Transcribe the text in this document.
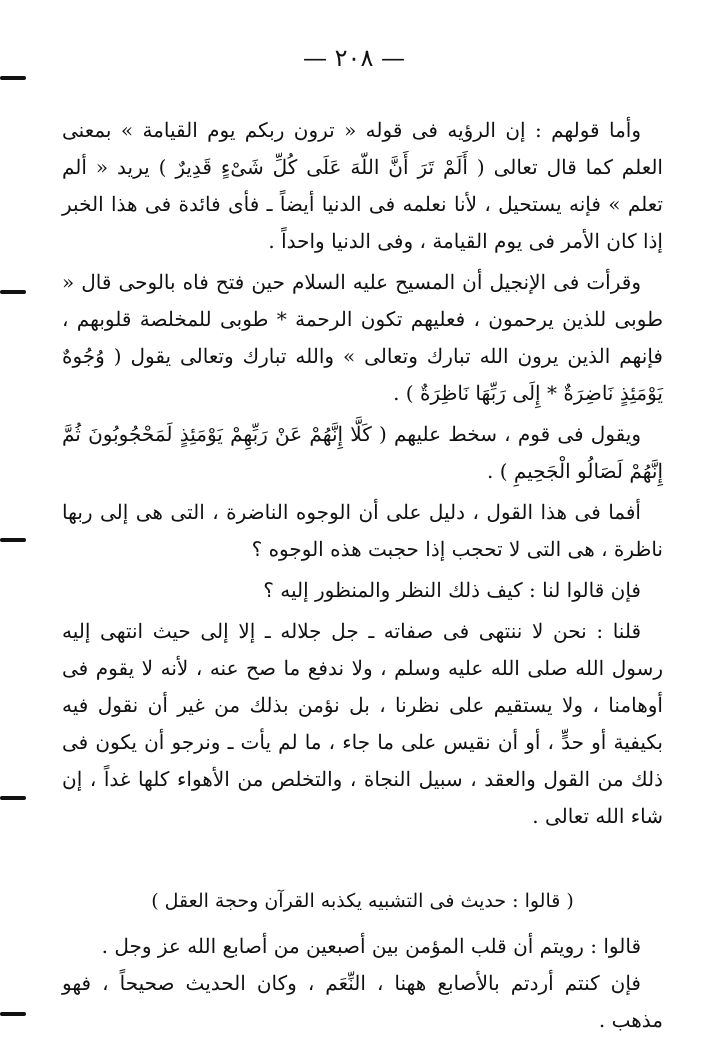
— ٢٠٨ —

وأما قولهم : إن الرؤيه فى قوله « ترون ربكم يوم القيامة » بمعنى العلم كما قال تعالى ( أَلَمْ تَرَ أَنَّ اللّهَ عَلَى كُلِّ شَىْءٍ قَدِيرٌ ) يريد « ألم تعلم » فإنه يستحيل ، لأنا نعلمه فى الدنيا أيضاً ـ فأى فائدة فى هذا الخبر إذا كان الأمر فى يوم القيامة ، وفى الدنيا واحداً .

وقرأت فى الإنجيل أن المسيح عليه السلام حين فتح فاه بالوحى قال « طوبى للذين يرحمون ، فعليهم تكون الرحمة * طوبى للمخلصة قلوبهم ، فإنهم الذين يرون الله تبارك وتعالى » والله تبارك وتعالى يقول ( وُجُوهٌ يَوْمَئِذٍ نَاضِرَةٌ * إِلَى رَبِّهَا نَاظِرَةٌ ) .

ويقول فى قوم ، سخط عليهم ( كَلَّا إِنَّهُمْ عَنْ رَبِّهِمْ يَوْمَئِذٍ لَمَحْجُوبُونَ ثُمَّ إِنَّهُمْ لَصَالُو الْجَحِيمِ ) .

أفما فى هذا القول ، دليل على أن الوجوه الناضرة ، التى هى إلى ربها ناظرة ، هى التى لا تحجب إذا حجبت هذه الوجوه ؟

فإن قالوا لنا : كيف ذلك النظر والمنظور إليه ؟

قلنا : نحن لا ننتهى فى صفاته ـ جل جلاله ـ إلا إلى حيث انتهى إليه رسول الله صلى الله عليه وسلم ، ولا ندفع ما صح عنه ، لأنه لا يقوم فى أوهامنا ، ولا يستقيم على نظرنا ، بل نؤمن بذلك من غير أن نقول فيه بكيفية أو حدٍّ ، أو أن نقيس على ما جاء ، ما لم يأت ـ ونرجو أن يكون فى ذلك من القول والعقد ، سبيل النجاة ، والتخلص من الأهواء كلها غداً ، إن شاء الله تعالى .

( قالوا : حديث فى التشبيه يكذبه القرآن وحجة العقل )

قالوا : رويتم أن قلب المؤمن بين أصبعين من أصابع الله عز وجل .

فإن كنتم أردتم بالأصابع ههنا ، النِّعَم ، وكان الحديث صحيحاً ، فهو مذهب .
